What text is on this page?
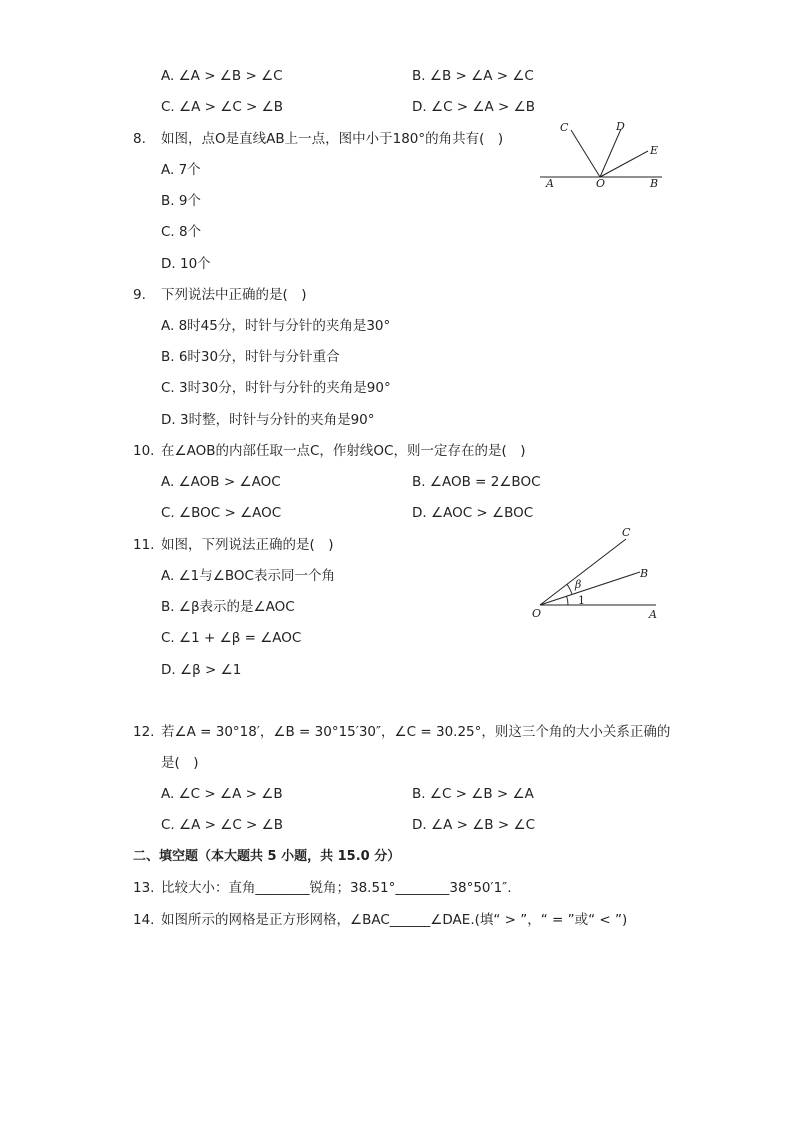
A. ∠A > ∠B > ∠C	B. ∠B > ∠A > ∠C
C. ∠A > ∠C > ∠B	D. ∠C > ∠A > ∠B
8. 如图，点O是直线AB上一点，图中小于180°的角共有(　)
A. 7个
B. 9个
C. 8个
D. 10个
C	D
E
A	O	B
9. 下列说法中正确的是(　)
A. 8时45分，时针与分针的夹角是30°
B. 6时30分，时针与分针重合
C. 3时30分，时针与分针的夹角是90°
D. 3时整，时针与分针的夹角是90°
10. 在∠AOB的内部任取一点C，作射线OC，则一定存在的是(　)
A. ∠AOB > ∠AOC	B. ∠AOB = 2∠BOC
C. ∠BOC > ∠AOC	D. ∠AOC > ∠BOC
11. 如图，下列说法正确的是(　)
A. ∠1与∠BOC表示同一个角
B. ∠β表示的是∠AOC
C. ∠1 + ∠β = ∠AOC
D. ∠β > ∠1
C
B
β
1
O	A
12. 若∠A = 30°18′，∠B = 30°15′30″，∠C = 30.25°，则这三个角的大小关系正确的
是(　)
A. ∠C > ∠A > ∠B	B. ∠C > ∠B > ∠A
C. ∠A > ∠C > ∠B	D. ∠A > ∠B > ∠C
二、填空题（本大题共 5 小题，共 15.0 分）
13. 比较大小：直角________锐角；38.51°________38°50′1″.
14. 如图所示的网格是正方形网格，∠BAC______∠DAE.(填“ > ”，“ = ”或“ < ”)
